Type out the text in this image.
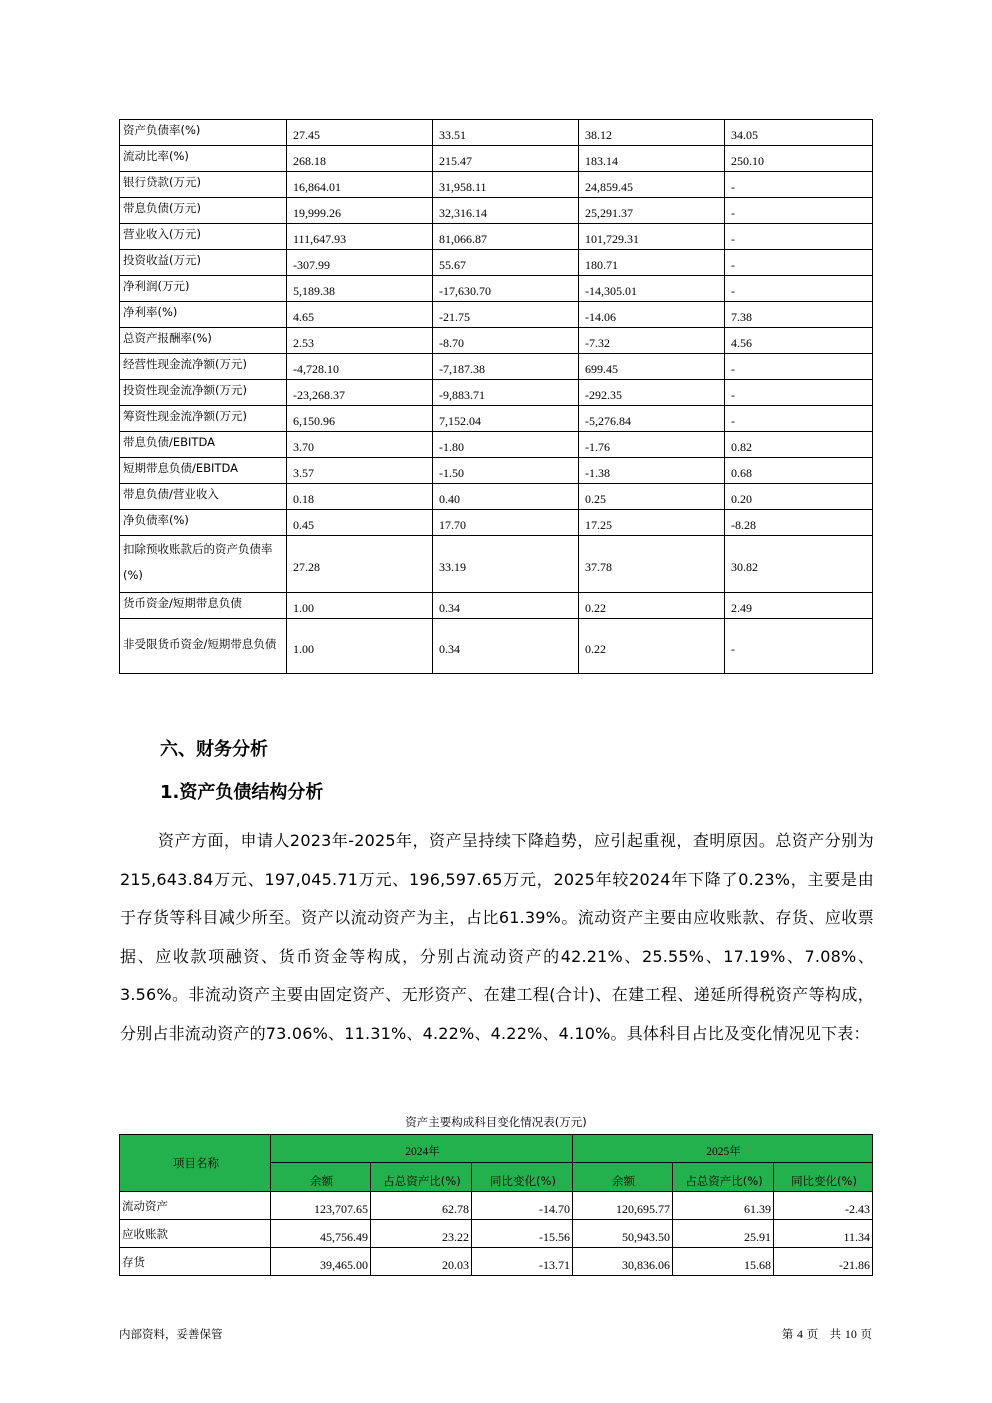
资产负债率(%)	27.45	33.51	38.12	34.05
流动比率(%)	268.18	215.47	183.14	250.10
银行贷款(万元)	16,864.01	31,958.11	24,859.45	-
带息负债(万元)	19,999.26	32,316.14	25,291.37	-
营业收入(万元)	111,647.93	81,066.87	101,729.31	-
投资收益(万元)	-307.99	55.67	180.71	-
净利润(万元)	5,189.38	-17,630.70	-14,305.01	-
净利率(%)	4.65	-21.75	-14.06	7.38
总资产报酬率(%)	2.53	-8.70	-7.32	4.56
经营性现金流净额(万元)	-4,728.10	-7,187.38	699.45	-
投资性现金流净额(万元)	-23,268.37	-9,883.71	-292.35	-
筹资性现金流净额(万元)	6,150.96	7,152.04	-5,276.84	-
带息负债/EBITDA	3.70	-1.80	-1.76	0.82
短期带息负债/EBITDA	3.57	-1.50	-1.38	0.68
带息负债/营业收入	0.18	0.40	0.25	0.20
净负债率(%)	0.45	17.70	17.25	-8.28
扣除预收账款后的资产负债率(%)	27.28	33.19	37.78	30.82
货币资金/短期带息负债	1.00	0.34	0.22	2.49
非受限货币资金/短期带息负债	1.00	0.34	0.22	-
六、财务分析
1.资产负债结构分析
资产方面，申请人2023年-2025年，资产呈持续下降趋势，应引起重视，查明原因。总资产分别为215,643.84万元、197,045.71万元、196,597.65万元，2025年较2024年下降了0.23%，主要是由于存货等科目减少所至。资产以流动资产为主，占比61.39%。流动资产主要由应收账款、存货、应收票据、应收款项融资、货币资金等构成，分别占流动资产的42.21%、25.55%、17.19%、7.08%、3.56%。非流动资产主要由固定资产、无形资产、在建工程(合计)、在建工程、递延所得税资产等构成，分别占非流动资产的73.06%、11.31%、4.22%、4.22%、4.10%。具体科目占比及变化情况见下表：
资产主要构成科目变化情况表(万元)
项目名称	2024年			2025年		
	余额	占总资产比(%)	同比变化(%)	余额	占总资产比(%)	同比变化(%)
流动资产	123,707.65	62.78	-14.70	120,695.77	61.39	-2.43
应收账款	45,756.49	23.22	-15.56	50,943.50	25.91	11.34
存货	39,465.00	20.03	-13.71	30,836.06	15.68	-21.86
内部资料，妥善保管	第 4 页　共 10 页
